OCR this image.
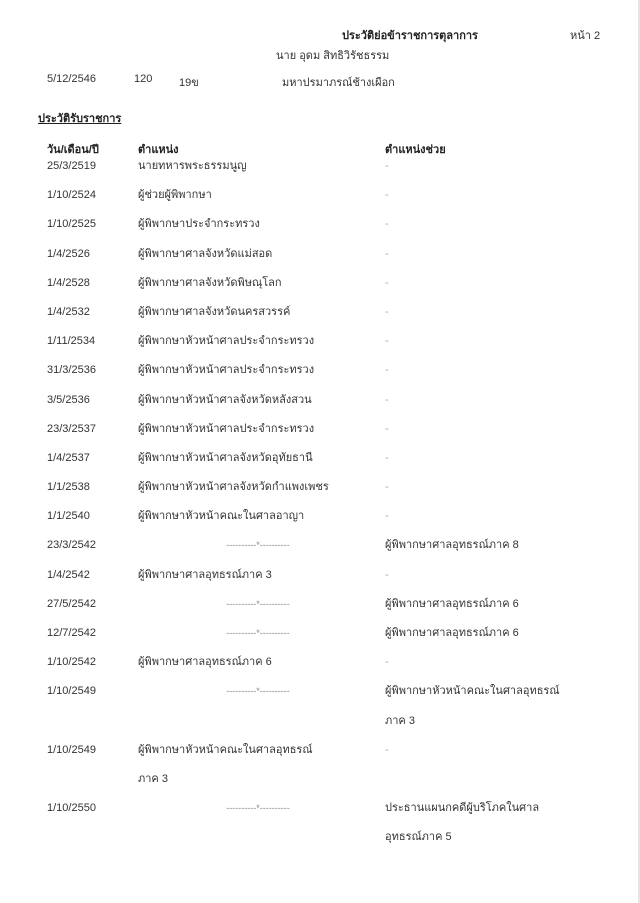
ประวัติย่อข้าราชการตุลาการ	หน้า 2
นาย อุดม สิทธิวิรัชธรรม
5/12/2546	120 19ข	มหาปรมาภรณ์ช้างเผือก
ประวัติรับราชการ
วัน/เดือน/ปี	ตำแหน่ง	ตำแหน่งช่วย
25/3/2519	นายทหารพระธรรมนูญ	-
1/10/2524	ผู้ช่วยผู้พิพากษา	-
1/10/2525	ผู้พิพากษาประจำกระทรวง	-
1/4/2526	ผู้พิพากษาศาลจังหวัดแม่สอด	-
1/4/2528	ผู้พิพากษาศาลจังหวัดพิษณุโลก	-
1/4/2532	ผู้พิพากษาศาลจังหวัดนครสวรรค์	-
1/11/2534	ผู้พิพากษาหัวหน้าศาลประจำกระทรวง	-
31/3/2536	ผู้พิพากษาหัวหน้าศาลประจำกระทรวง	-
3/5/2536	ผู้พิพากษาหัวหน้าศาลจังหวัดหลังสวน	-
23/3/2537	ผู้พิพากษาหัวหน้าศาลประจำกระทรวง	-
1/4/2537	ผู้พิพากษาหัวหน้าศาลจังหวัดอุทัยธานี	-
1/1/2538	ผู้พิพากษาหัวหน้าศาลจังหวัดกำแพงเพชร	-
1/1/2540	ผู้พิพากษาหัวหน้าคณะในศาลอาญา	-
23/3/2542	----------*----------	ผู้พิพากษาศาลอุทธรณ์ภาค 8
1/4/2542	ผู้พิพากษาศาลอุทธรณ์ภาค 3	-
27/5/2542	----------*----------	ผู้พิพากษาศาลอุทธรณ์ภาค 6
12/7/2542	----------*----------	ผู้พิพากษาศาลอุทธรณ์ภาค 6
1/10/2542	ผู้พิพากษาศาลอุทธรณ์ภาค 6	-
1/10/2549	----------*----------	ผู้พิพากษาหัวหน้าคณะในศาลอุทธรณ์
ภาค 3
1/10/2549	ผู้พิพากษาหัวหน้าคณะในศาลอุทธรณ์	-
ภาค 3
1/10/2550	----------*----------	ประธานแผนกคดีผู้บริโภคในศาล
อุทธรณ์ภาค 5
